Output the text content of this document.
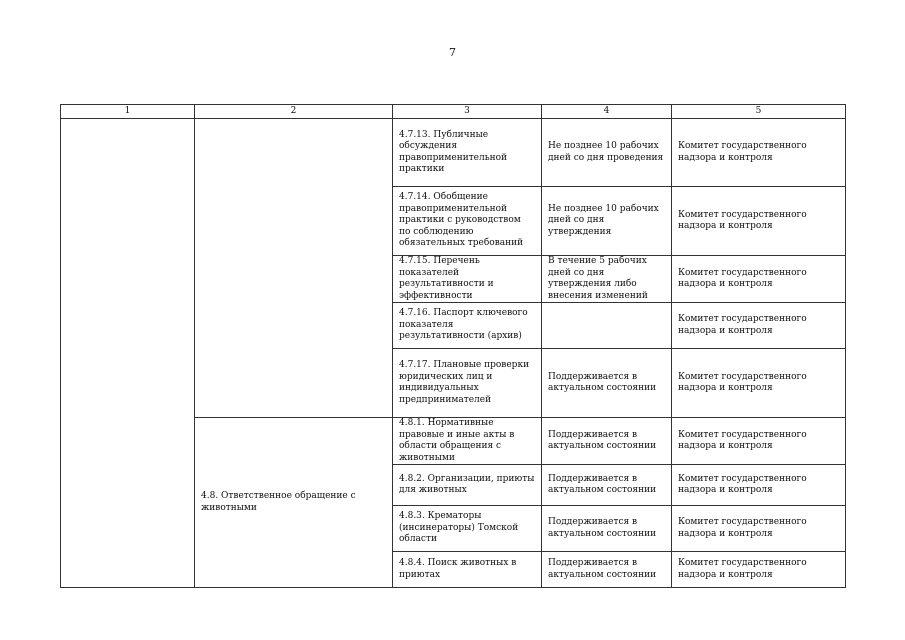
7
1	2	3	4	5
		4.7.13. Публичные обсуждения правоприменительной практики	Не позднее 10 рабочих дней со дня проведения	Комитет государственного надзора и контроля
		4.7.14. Обобщение правоприменительной практики с руководством по соблюдению обязательных требований	Не позднее 10 рабочих дней со дня утверждения	Комитет государственного надзора и контроля
		4.7.15. Перечень показателей результативности и эффективности	В течение 5 рабочих дней со дня утверждения либо внесения изменений	Комитет государственного надзора и контроля
		4.7.16. Паспорт ключевого показателя результативности (архив)		Комитет государственного надзора и контроля
		4.7.17. Плановые проверки юридических лиц и индивидуальных предпринимателей	Поддерживается в актуальном состоянии	Комитет государственного надзора и контроля
	4.8. Ответственное обращение с животными	4.8.1. Нормативные правовые и иные акты в области обращения с животными	Поддерживается в актуальном состоянии	Комитет государственного надзора и контроля
		4.8.2. Организации, приюты для животных	Поддерживается в актуальном состоянии	Комитет государственного надзора и контроля
		4.8.3. Крематоры (инсинераторы) Томской области	Поддерживается в актуальном состоянии	Комитет государственного надзора и контроля
		4.8.4. Поиск животных в приютах	Поддерживается в актуальном состоянии	Комитет государственного надзора и контроля
